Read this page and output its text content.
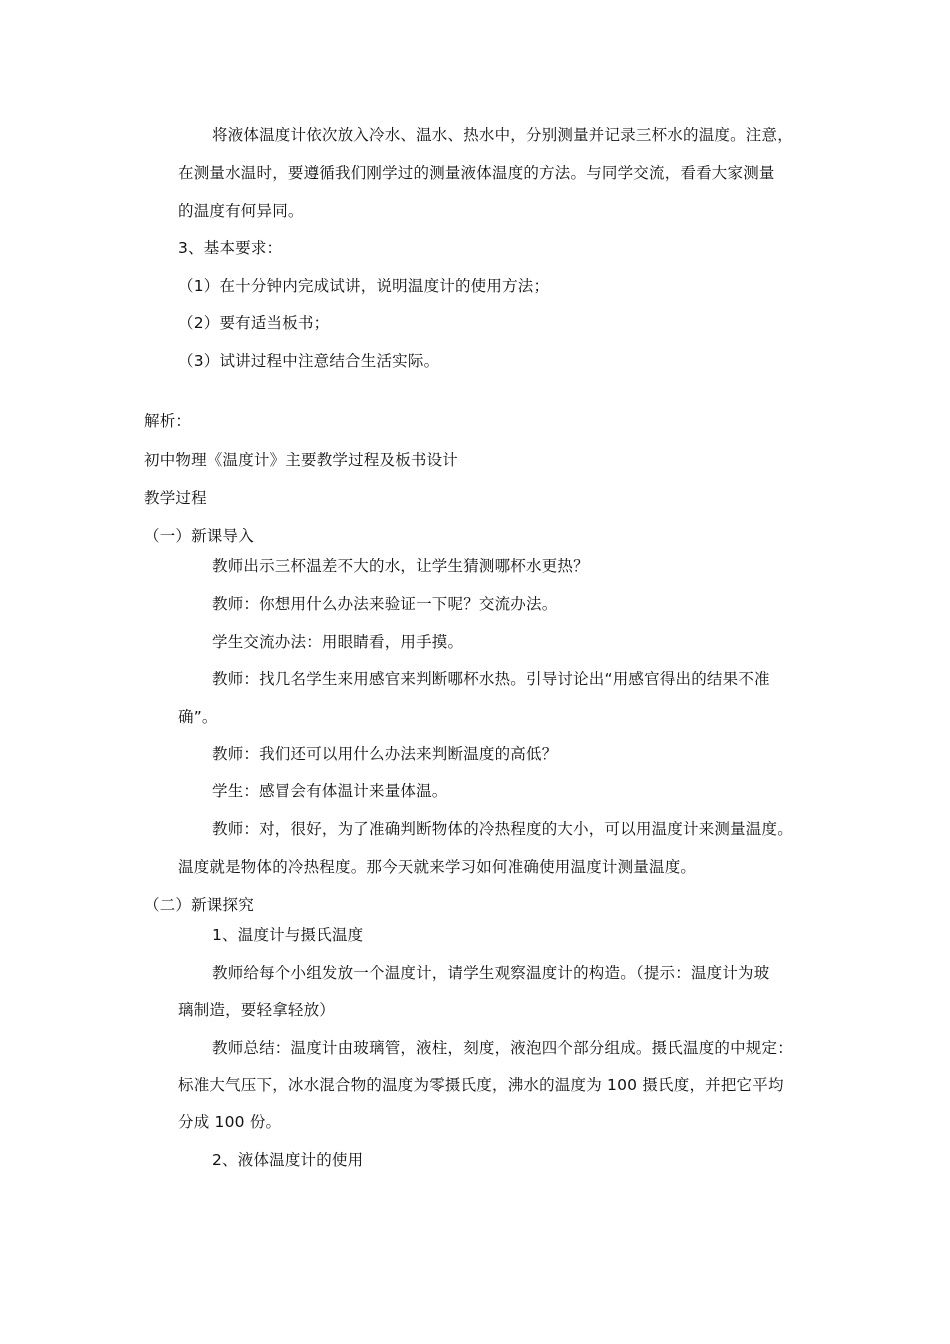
将液体温度计依次放入冷水、温水、热水中，分别测量并记录三杯水的温度。注意，

在测量水温时，要遵循我们刚学过的测量液体温度的方法。与同学交流，看看大家测量

的温度有何异同。

3、基本要求：

（1）在十分钟内完成试讲，说明温度计的使用方法；

（2）要有适当板书；

（3）试讲过程中注意结合生活实际。

解析：

初中物理《温度计》主要教学过程及板书设计

教学过程

（一）新课导入

教师出示三杯温差不大的水，让学生猜测哪杯水更热？

教师：你想用什么办法来验证一下呢？交流办法。

学生交流办法：用眼睛看，用手摸。

教师：找几名学生来用感官来判断哪杯水热。引导讨论出“用感官得出的结果不准

确”。

教师：我们还可以用什么办法来判断温度的高低？

学生：感冒会有体温计来量体温。

教师：对，很好，为了准确判断物体的冷热程度的大小，可以用温度计来测量温度。

温度就是物体的冷热程度。那今天就来学习如何准确使用温度计测量温度。

（二）新课探究

1、温度计与摄氏温度

教师给每个小组发放一个温度计，请学生观察温度计的构造。（提示：温度计为玻

璃制造，要轻拿轻放）

教师总结：温度计由玻璃管，液柱，刻度，液泡四个部分组成。摄氏温度的中规定：

标准大气压下，冰水混合物的温度为零摄氏度，沸水的温度为 100 摄氏度，并把它平均

分成 100 份。

2、液体温度计的使用
